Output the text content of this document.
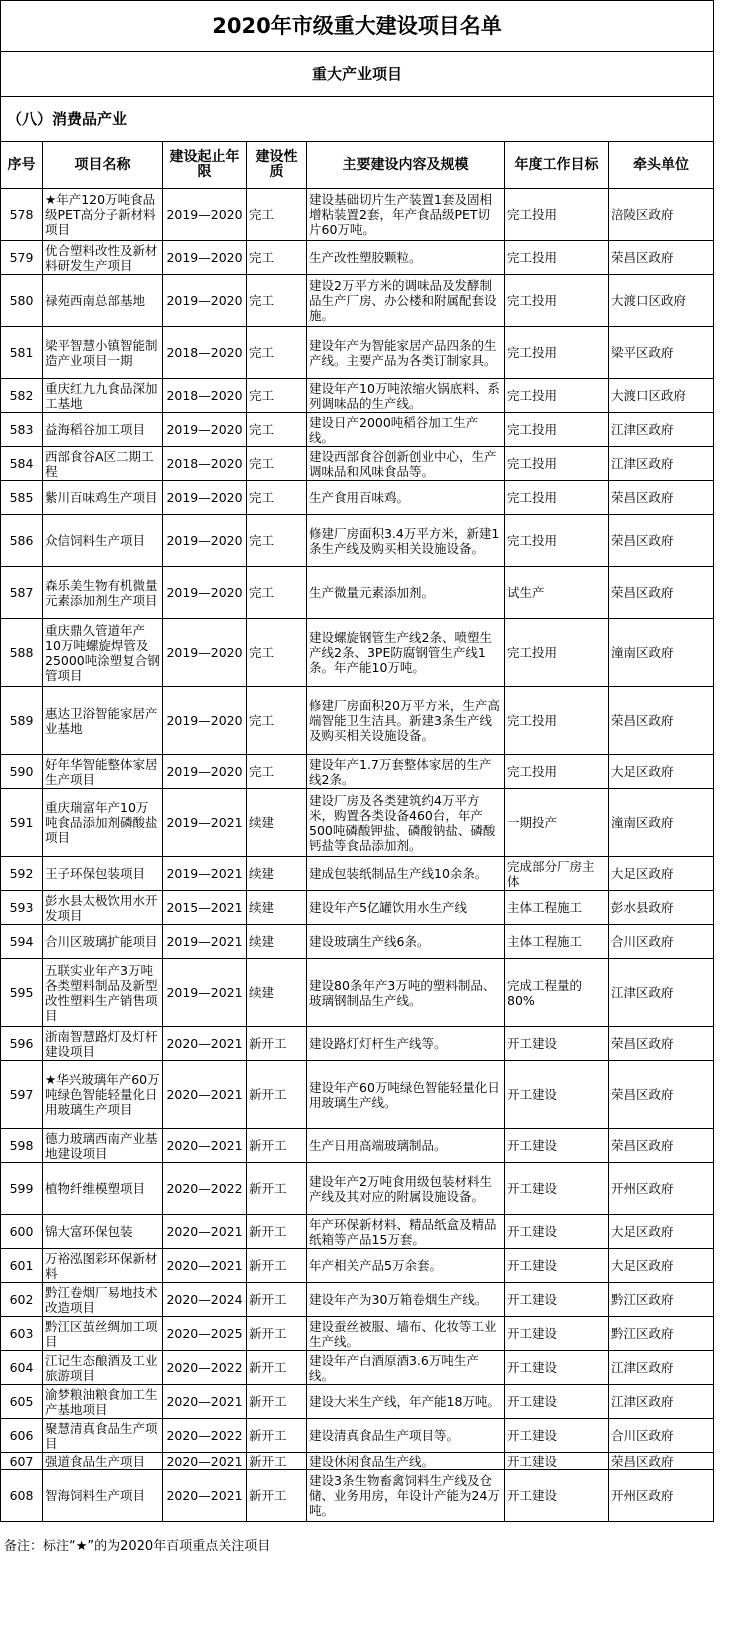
2020年市级重大建设项目名单						
重大产业项目						
（八）消费品产业						
序号	项目名称	建设起止年限	建设性质	主要建设内容及规模	年度工作目标	牵头单位
578	★年产120万吨食品级PET高分子新材料项目	2019—2020	完工	建设基础切片生产装置1套及固相增粘装置2套，年产食品级PET切片60万吨。	完工投用	涪陵区政府
579	优合塑料改性及新材料研发生产项目	2019—2020	完工	生产改性塑胶颗粒。	完工投用	荣昌区政府
580	禄苑西南总部基地	2019—2020	完工	建设2万平方米的调味品及发酵制品生产厂房、办公楼和附属配套设施。	完工投用	大渡口区政府
581	梁平智慧小镇智能制造产业项目一期	2018—2020	完工	建设年产为智能家居产品四条的生产线。主要产品为各类订制家具。	完工投用	梁平区政府
582	重庆红九九食品深加工基地	2018—2020	完工	建设年产10万吨浓缩火锅底料、系列调味品的生产线。	完工投用	大渡口区政府
583	益海稻谷加工项目	2019—2020	完工	建设日产2000吨稻谷加工生产线。	完工投用	江津区政府
584	西部食谷A区二期工程	2018—2020	完工	建设西部食谷创新创业中心，生产调味品和风味食品等。	完工投用	江津区政府
585	紫川百味鸡生产项目	2019—2020	完工	生产食用百味鸡。	完工投用	荣昌区政府
586	众信饲料生产项目	2019—2020	完工	修建厂房面积3.4万平方米，新建1条生产线及购买相关设施设备。	完工投用	荣昌区政府
587	森乐美生物有机微量元素添加剂生产项目	2019—2020	完工	生产微量元素添加剂。	试生产	荣昌区政府
588	重庆鼎久管道年产10万吨螺旋焊管及25000吨涂塑复合钢管项目	2019—2020	完工	建设螺旋钢管生产线2条、喷塑生产线2条、3PE防腐钢管生产线1条。年产能10万吨。	完工投用	潼南区政府
589	惠达卫浴智能家居产业基地	2019—2020	完工	修建厂房面积20万平方米，生产高端智能卫生洁具。新建3条生产线及购买相关设施设备。	完工投用	荣昌区政府
590	好年华智能整体家居生产项目	2019—2020	完工	建设年产1.7万套整体家居的生产线2条。	完工投用	大足区政府
591	重庆瑞富年产10万吨食品添加剂磷酸盐项目	2019—2021	续建	建设厂房及各类建筑约4万平方米，购置各类设备460台，年产500吨磷酸钾盐、磷酸钠盐、磷酸钙盐等食品添加剂。	一期投产	潼南区政府
592	王子环保包装项目	2019—2021	续建	建成包装纸制品生产线10余条。	完成部分厂房主体	大足区政府
593	彭水县太极饮用水开发项目	2015—2021	续建	建设年产5亿罐饮用水生产线	主体工程施工	彭水县政府
594	合川区玻璃扩能项目	2019—2021	续建	建设玻璃生产线6条。	主体工程施工	合川区政府
595	五联实业年产3万吨各类塑料制品及新型改性塑料生产销售项目	2019—2021	续建	建设80条年产3万吨的塑料制品、玻璃钢制品生产线。	完成工程量的80%	江津区政府
596	浙南智慧路灯及灯杆建设项目	2020—2021	新开工	建设路灯灯杆生产线等。	开工建设	荣昌区政府
597	★华兴玻璃年产60万吨绿色智能轻量化日用玻璃生产项目	2020—2021	新开工	建设年产60万吨绿色智能轻量化日用玻璃生产线。	开工建设	荣昌区政府
598	德力玻璃西南产业基地建设项目	2020—2021	新开工	生产日用高端玻璃制品。	开工建设	荣昌区政府
599	植物纤维模塑项目	2020—2022	新开工	建设年产2万吨食用级包装材料生产线及其对应的附属设施设备。	开工建设	开州区政府
600	锦大富环保包装	2020—2021	新开工	年产环保新材料、精品纸盒及精品纸箱等产品15万套。	开工建设	大足区政府
601	万裕泓图彩环保新材料	2020—2021	新开工	年产相关产品5万余套。	开工建设	大足区政府
602	黔江卷烟厂易地技术改造项目	2020—2024	新开工	建设年产为30万箱卷烟生产线。	开工建设	黔江区政府
603	黔江区茧丝绸加工项目	2020—2025	新开工	建设蚕丝被服、墙布、化妆等工业生产线。	开工建设	黔江区政府
604	江记生态酿酒及工业旅游项目	2020—2022	新开工	建设年产白酒原酒3.6万吨生产线。	开工建设	江津区政府
605	渝梦粮油粮食加工生产基地项目	2020—2021	新开工	建设大米生产线，年产能18万吨。	开工建设	江津区政府
606	聚慧清真食品生产项目	2020—2022	新开工	建设清真食品生产项目等。	开工建设	合川区政府
607	强道食品生产项目	2020—2021	新开工	建设休闲食品生产线。	开工建设	荣昌区政府
608	智海饲料生产项目	2020—2021	新开工	建设3条生物畜禽饲料生产线及仓储、业务用房，年设计产能为24万吨。	开工建设	开州区政府
备注：标注“★”的为2020年百项重点关注项目
